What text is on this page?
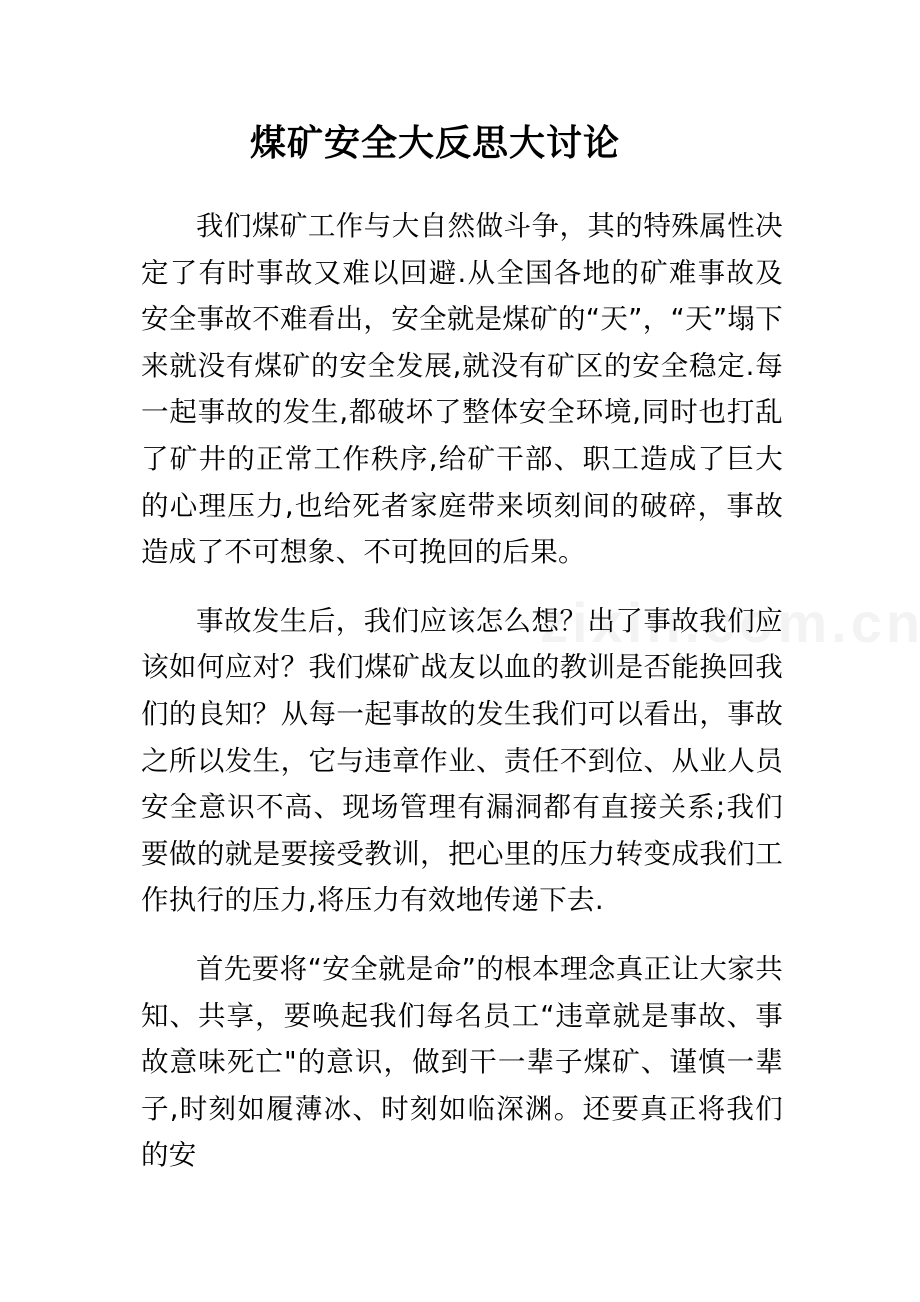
煤矿安全大反思大讨论

我们煤矿工作与大自然做斗争，其的特殊属性决定了有时事故又难以回避.从全国各地的矿难事故及安全事故不难看出，安全就是煤矿的“天”，“天”塌下来就没有煤矿的安全发展,就没有矿区的安全稳定.每一起事故的发生,都破坏了整体安全环境,同时也打乱了矿井的正常工作秩序,给矿干部、职工造成了巨大的心理压力,也给死者家庭带来顷刻间的破碎，事故造成了不可想象、不可挽回的后果。

事故发生后，我们应该怎么想？出了事故我们应该如何应对？我们煤矿战友以血的教训是否能换回我们的良知？从每一起事故的发生我们可以看出，事故之所以发生，它与违章作业、责任不到位、从业人员安全意识不高、现场管理有漏洞都有直接关系;我们要做的就是要接受教训，把心里的压力转变成我们工作执行的压力,将压力有效地传递下去.

首先要将“安全就是命”的根本理念真正让大家共知、共享，要唤起我们每名员工“违章就是事故、事故意味死亡"的意识，做到干一辈子煤矿、谨慎一辈子,时刻如履薄冰、时刻如临深渊。还要真正将我们的安
